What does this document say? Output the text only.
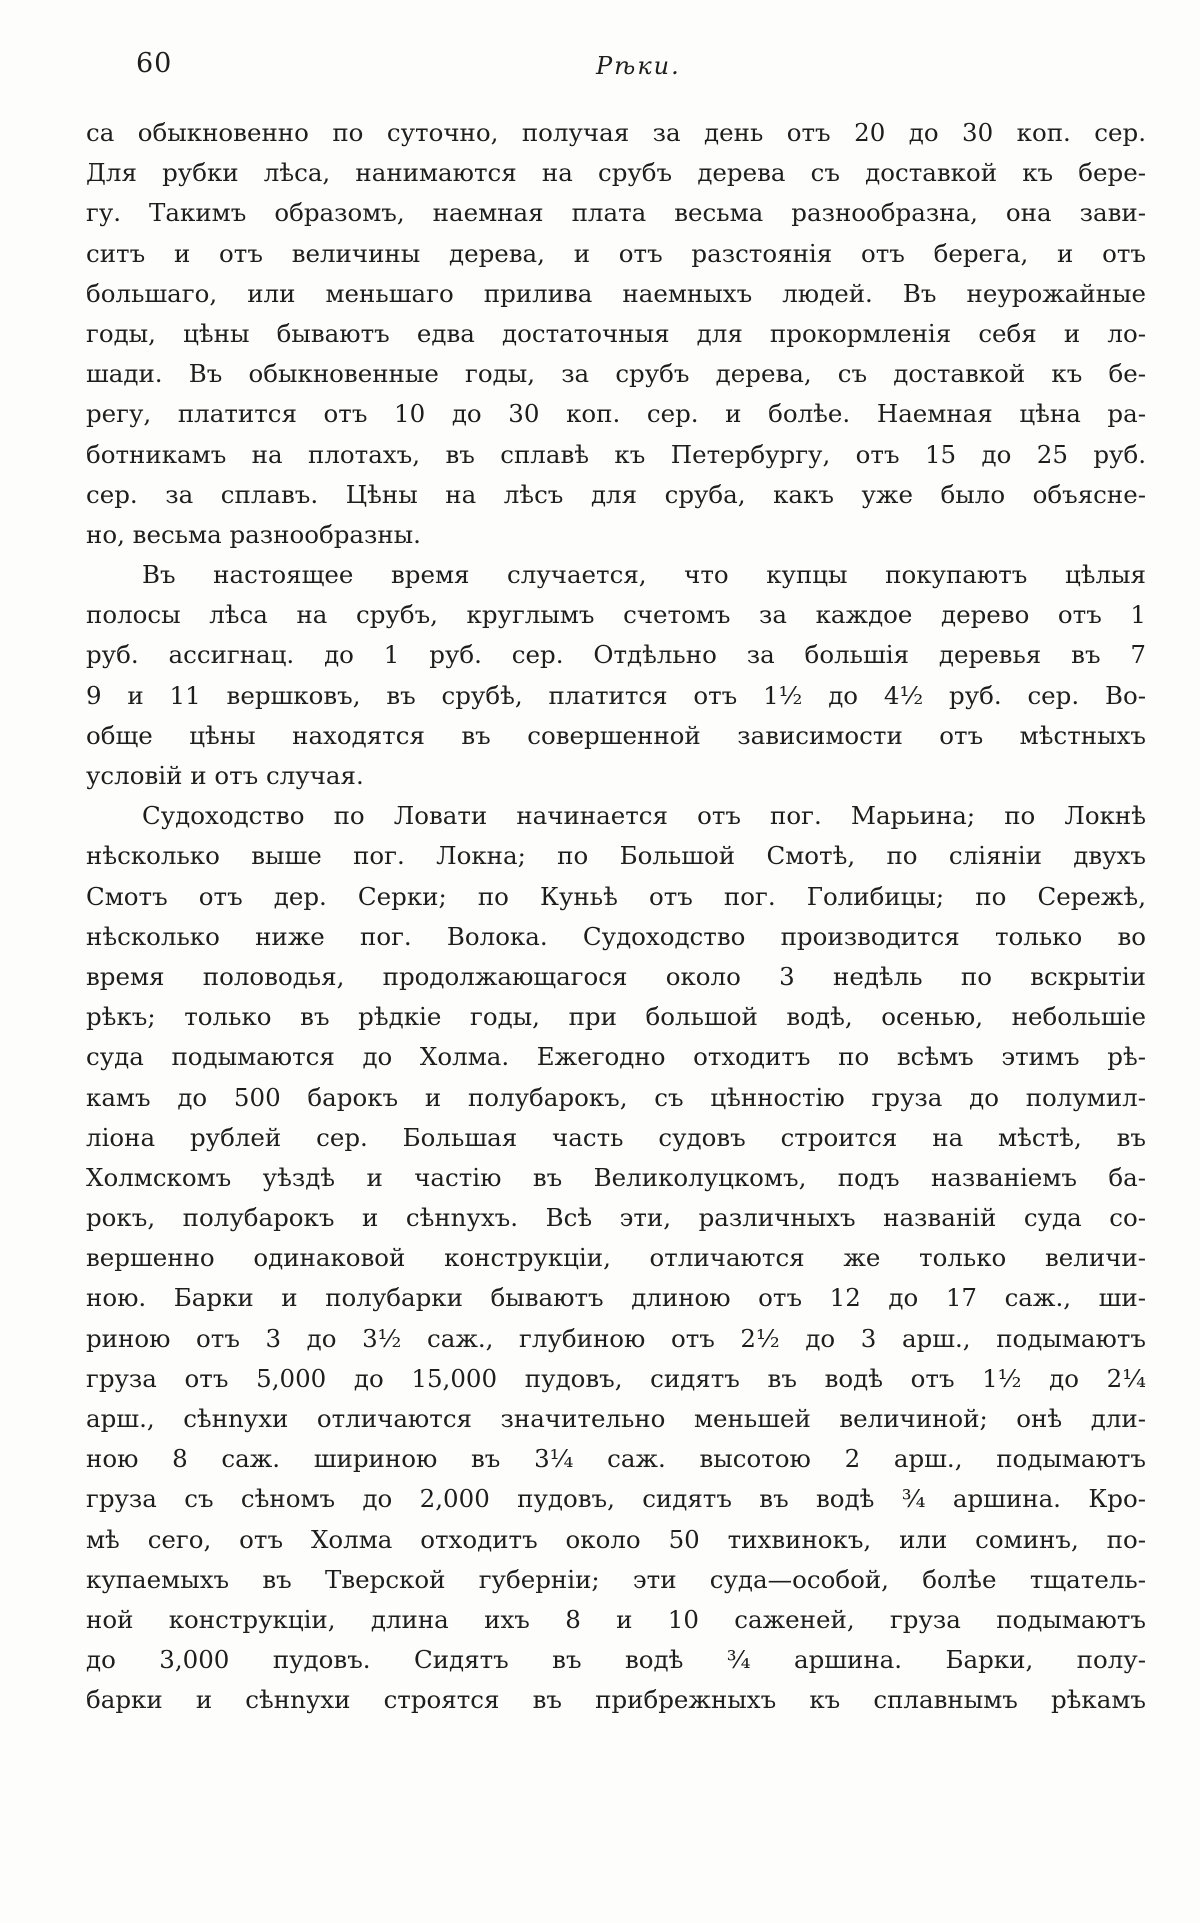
60	Рѣки.
са обыкновенно по суточно, получая за день отъ 20 до 30 коп. сер.
Для рубки лѣса, нанимаются на срубъ дерева съ доставкой къ бере-
гу. Такимъ образомъ, наемная плата весьма разнообразна, она зави-
ситъ и отъ величины дерева, и отъ разстоянія отъ берега, и отъ
большаго, или меньшаго прилива наемныхъ людей. Въ неурожайные
годы, цѣны бываютъ едва достаточныя для прокормленія себя и ло-
шади. Въ обыкновенные годы, за срубъ дерева, съ доставкой къ бе-
регу, платится отъ 10 до 30 коп. сер. и болѣе. Наемная цѣна ра-
ботникамъ на плотахъ, въ сплавѣ къ Петербургу, отъ 15 до 25 руб.
сер. за сплавъ. Цѣны на лѣсъ для сруба, какъ уже было объясне-
но, весьма разнообразны.
Въ настоящее время случается, что купцы покупаютъ цѣлыя
полосы лѣса на срубъ, круглымъ счетомъ за каждое дерево отъ 1
руб. ассигнац. до 1 руб. сер. Отдѣльно за большія деревья въ 7
9 и 11 вершковъ, въ срубѣ, платится отъ 1½ до 4½ руб. сер. Во-
обще цѣны находятся въ совершенной зависимости отъ мѣстныхъ
условій и отъ случая.
Судоходство по Ловати начинается отъ пог. Марьина; по Локнѣ
нѣсколько выше пог. Локна; по Большой Смотѣ, по сліяніи двухъ
Смотъ отъ дер. Серки; по Куньѣ отъ пог. Голибицы; по Сережѣ,
нѣсколько ниже пог. Волока. Судоходство производится только во
время половодья, продолжающагося около 3 недѣль по вскрытіи
рѣкъ; только въ рѣдкіе годы, при большой водѣ, осенью, небольшіе
суда подымаются до Холма. Ежегодно отходитъ по всѣмъ этимъ рѣ-
камъ до 500 барокъ и полубарокъ, съ цѣнностію груза до полумил-
ліона рублей сер. Большая часть судовъ строится на мѣстѣ, въ
Холмскомъ уѣздѣ и частію въ Великолуцкомъ, подъ названіемъ ба-
рокъ, полубарокъ и сѣнnухъ. Всѣ эти, различныхъ названій суда со-
вершенно одинаковой конструкціи, отличаются же только величи-
ною. Барки и полубарки бываютъ длиною отъ 12 до 17 саж., ши-
риною отъ 3 до 3½ саж., глубиною отъ 2½ до 3 арш., подымаютъ
груза отъ 5,000 до 15,000 пудовъ, сидятъ въ водѣ отъ 1½ до 2¼
арш., сѣнnухи отличаются значительно меньшей величиной; онѣ дли-
ною 8 саж. шириною въ 3¼ саж. высотою 2 арш., подымаютъ
груза съ сѣномъ до 2,000 пудовъ, сидятъ въ водѣ ¾ аршина. Кро-
мѣ сего, отъ Холма отходитъ около 50 тихвинокъ, или соминъ, по-
купаемыхъ въ Тверской губерніи; эти суда—особой, болѣе тщатель-
ной конструкціи, длина ихъ 8 и 10 саженей, груза подымаютъ
до 3,000 пудовъ. Сидятъ въ водѣ ¾ аршина. Барки, полу-
барки и сѣнnухи строятся въ прибрежныхъ къ сплавнымъ рѣкамъ
